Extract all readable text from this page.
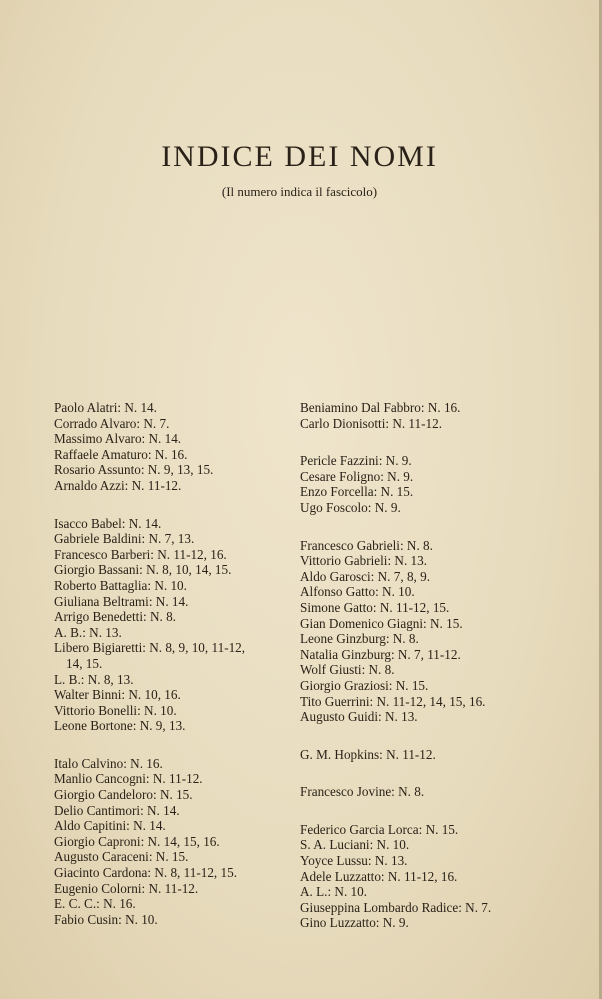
INDICE DEI NOMI

(Il numero indica il fascicolo)

Paolo Alatri: N. 14.
Corrado Alvaro: N. 7.
Massimo Alvaro: N. 14.
Raffaele Amaturo: N. 16.
Rosario Assunto: N. 9, 13, 15.
Arnaldo Azzi: N. 11-12.
Isacco Babel: N. 14.
Gabriele Baldini: N. 7, 13.
Francesco Barberi: N. 11-12, 16.
Giorgio Bassani: N. 8, 10, 14, 15.
Roberto Battaglia: N. 10.
Giuliana Beltrami: N. 14.
Arrigo Benedetti: N. 8.
A. B.: N. 13.
Libero Bigiaretti: N. 8, 9, 10, 11-12,
14, 15.
L. B.: N. 8, 13.
Walter Binni: N. 10, 16.
Vittorio Bonelli: N. 10.
Leone Bortone: N. 9, 13.
Italo Calvino: N. 16.
Manlio Cancogni: N. 11-12.
Giorgio Candeloro: N. 15.
Delio Cantimori: N. 14.
Aldo Capitini: N. 14.
Giorgio Caproni: N. 14, 15, 16.
Augusto Caraceni: N. 15.
Giacinto Cardona: N. 8, 11-12, 15.
Eugenio Colorni: N. 11-12.
E. C. C.: N. 16.
Fabio Cusin: N. 10.
Beniamino Dal Fabbro: N. 16.
Carlo Dionisotti: N. 11-12.
Pericle Fazzini: N. 9.
Cesare Foligno: N. 9.
Enzo Forcella: N. 15.
Ugo Foscolo: N. 9.
Francesco Gabrieli: N. 8.
Vittorio Gabrieli: N. 13.
Aldo Garosci: N. 7, 8, 9.
Alfonso Gatto: N. 10.
Simone Gatto: N. 11-12, 15.
Gian Domenico Giagni: N. 15.
Leone Ginzburg: N. 8.
Natalia Ginzburg: N. 7, 11-12.
Wolf Giusti: N. 8.
Giorgio Graziosi: N. 15.
Tito Guerrini: N. 11-12, 14, 15, 16.
Augusto Guidi: N. 13.
G. M. Hopkins: N. 11-12.
Francesco Jovine: N. 8.
Federico Garcia Lorca: N. 15.
S. A. Luciani: N. 10.
Yoyce Lussu: N. 13.
Adele Luzzatto: N. 11-12, 16.
A. L.: N. 10.
Giuseppina Lombardo Radice: N. 7.
Gino Luzzatto: N. 9.
